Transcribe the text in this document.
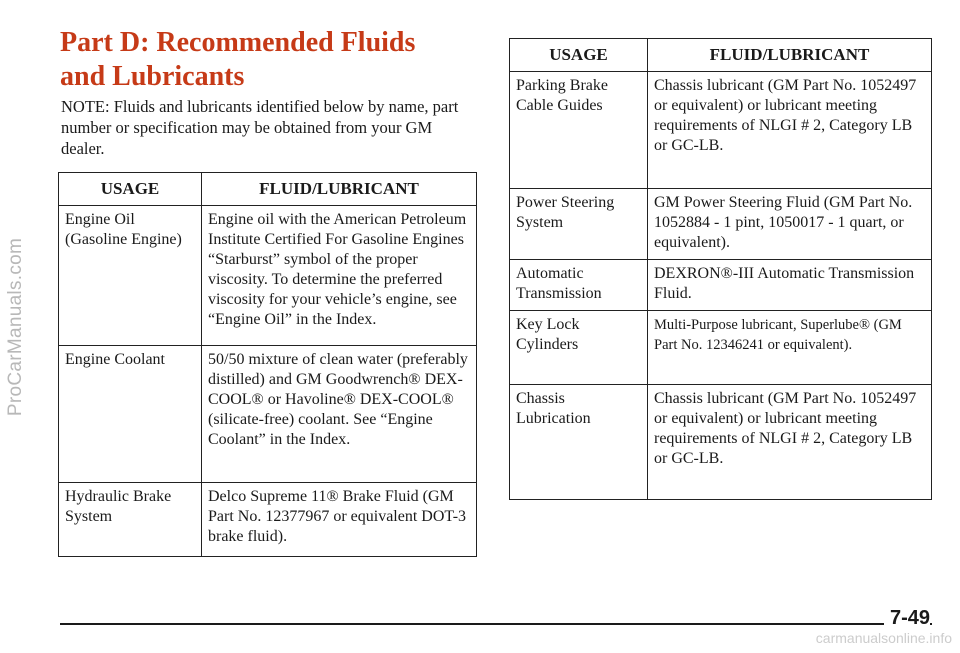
ProCarManuals.com
Part D: Recommended Fluids and Lubricants

NOTE: Fluids and lubricants identified below by name, part number or specification may be obtained from your GM dealer.

USAGE	FLUID/LUBRICANT
Engine Oil (Gasoline Engine)	Engine oil with the American Petroleum Institute Certified For Gasoline Engines “Starburst” symbol of the proper viscosity. To determine the preferred viscosity for your vehicle’s engine, see “Engine Oil” in the Index.
Engine Coolant	50/50 mixture of clean water (preferably distilled) and GM Goodwrench® DEX-COOL® or Havoline® DEX-COOL® (silicate-free) coolant. See “Engine Coolant” in the Index.
Hydraulic Brake System	Delco Supreme 11® Brake Fluid (GM Part No. 12377967 or equivalent DOT-3 brake fluid).
USAGE	FLUID/LUBRICANT
Parking Brake Cable Guides	Chassis lubricant (GM Part No. 1052497 or equivalent) or lubricant meeting requirements of NLGI # 2, Category LB or GC-LB.
Power Steering System	GM Power Steering Fluid (GM Part No. 1052884 - 1 pint, 1050017 - 1 quart, or equivalent).
Automatic Transmission	DEXRON®-III Automatic Transmission Fluid.
Key Lock Cylinders	Multi-Purpose lubricant, Superlube® (GM Part No. 12346241 or equivalent).
Chassis Lubrication	Chassis lubricant (GM Part No. 1052497 or equivalent) or lubricant meeting requirements of NLGI # 2, Category LB or GC-LB.
7-49
carmanualsonline.info
